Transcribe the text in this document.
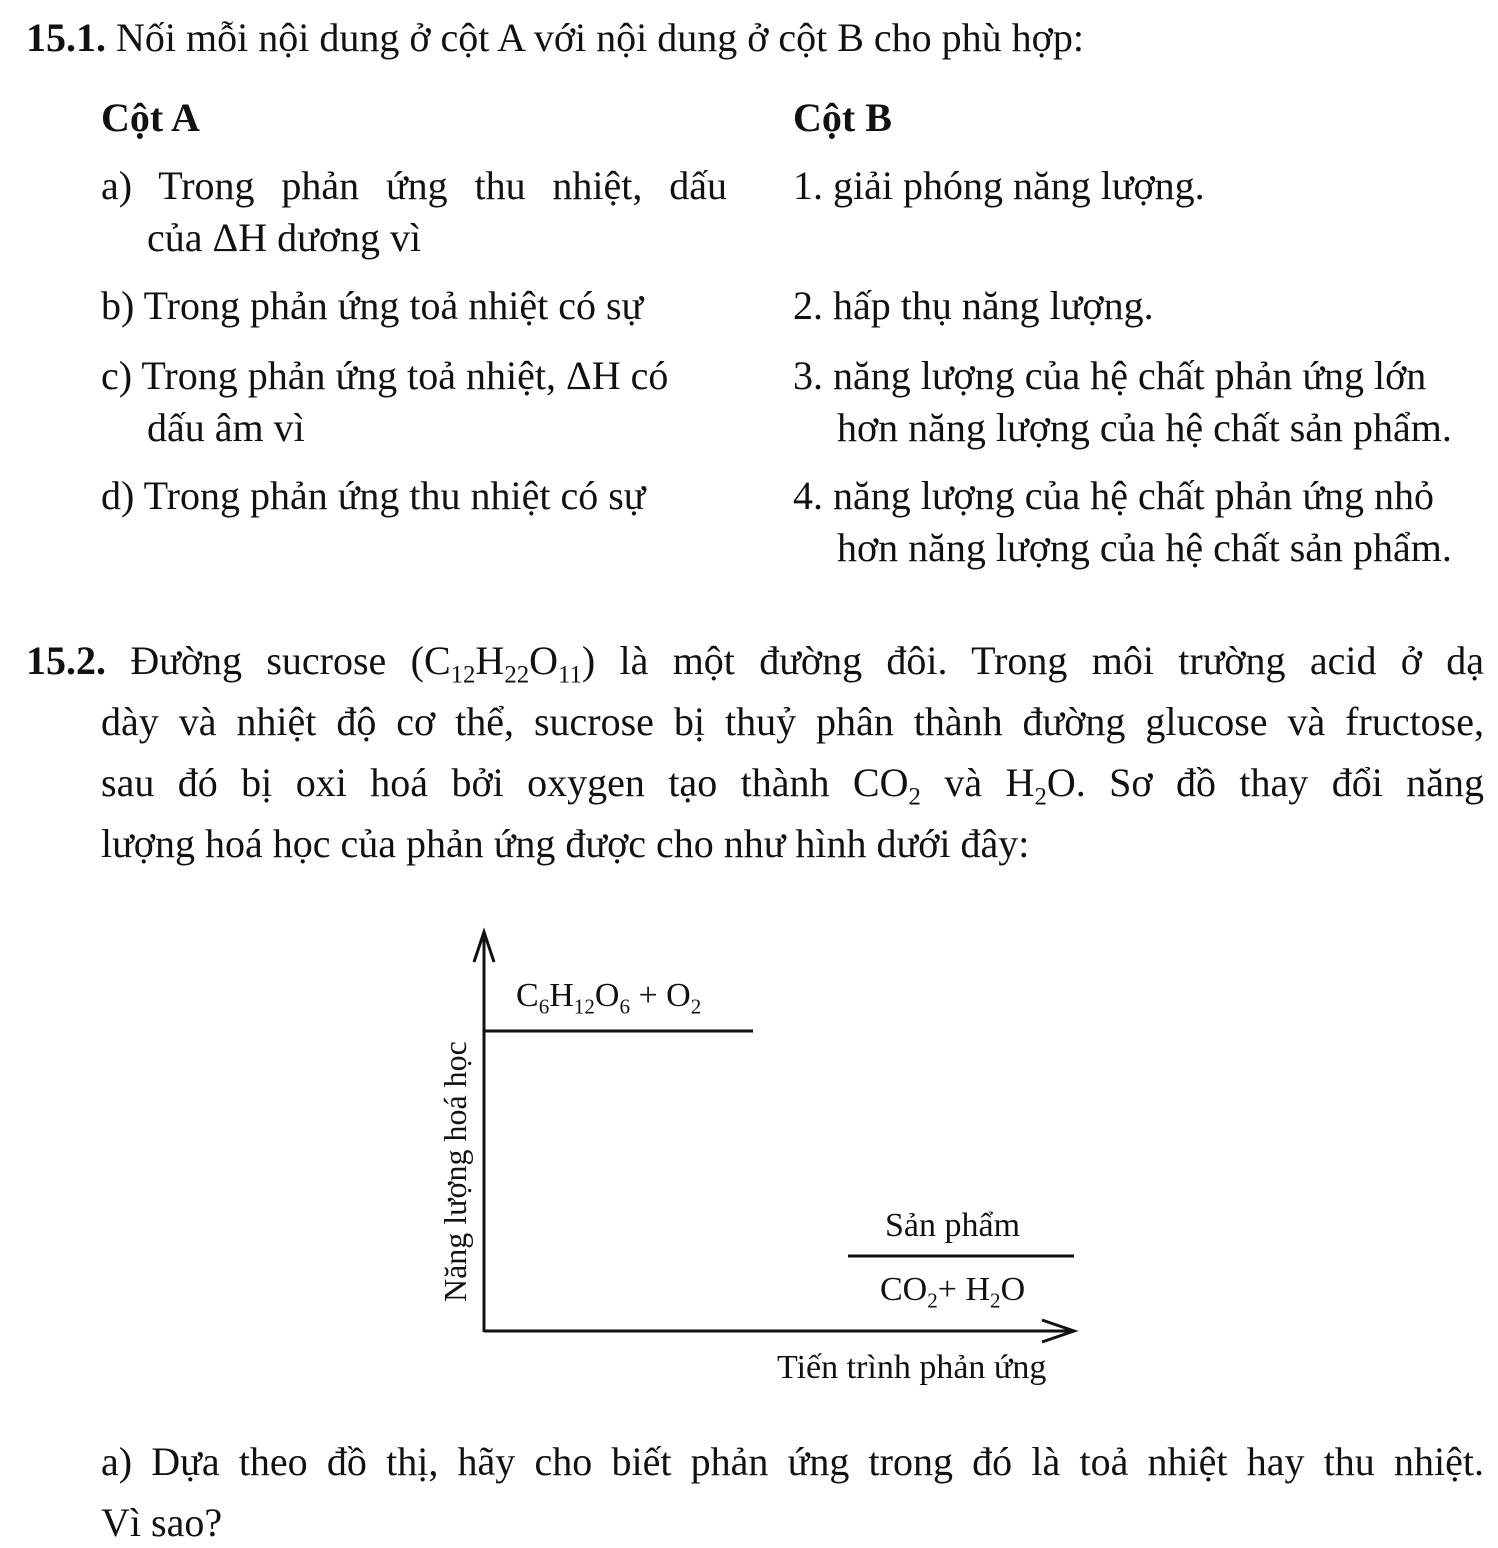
15.1. Nối mỗi nội dung ở cột A với nội dung ở cột B cho phù hợp:
Cột A	Cột B
a) Trong phản ứng thu nhiệt, dấu
của ΔH dương vì
b) Trong phản ứng toả nhiệt có sự
c) Trong phản ứng toả nhiệt, ΔH có
dấu âm vì
d) Trong phản ứng thu nhiệt có sự
1. giải phóng năng lượng.
2. hấp thụ năng lượng.
3. năng lượng của hệ chất phản ứng lớn
hơn năng lượng của hệ chất sản phẩm.
4. năng lượng của hệ chất phản ứng nhỏ
hơn năng lượng của hệ chất sản phẩm.
15.2. Đường sucrose $(C_{12}H_{22}O_{11})$ là một đường đôi. Trong môi trường acid ở dạ
dày và nhiệt độ cơ thể, sucrose bị thuỷ phân thành đường glucose và fructose,
sau đó bị oxi hoá bởi oxygen tạo thành $CO_2$ và $H_2O$. Sơ đồ thay đổi năng
lượng hoá học của phản ứng được cho như hình dưới đây:
Năng lượng hoá học
$C_6H_{12}O_6 + O_2$
Sản phẩm
$CO_2+ H_2O$
Tiến trình phản ứng
a) Dựa theo đồ thị, hãy cho biết phản ứng trong đó là toả nhiệt hay thu nhiệt.
Vì sao?
